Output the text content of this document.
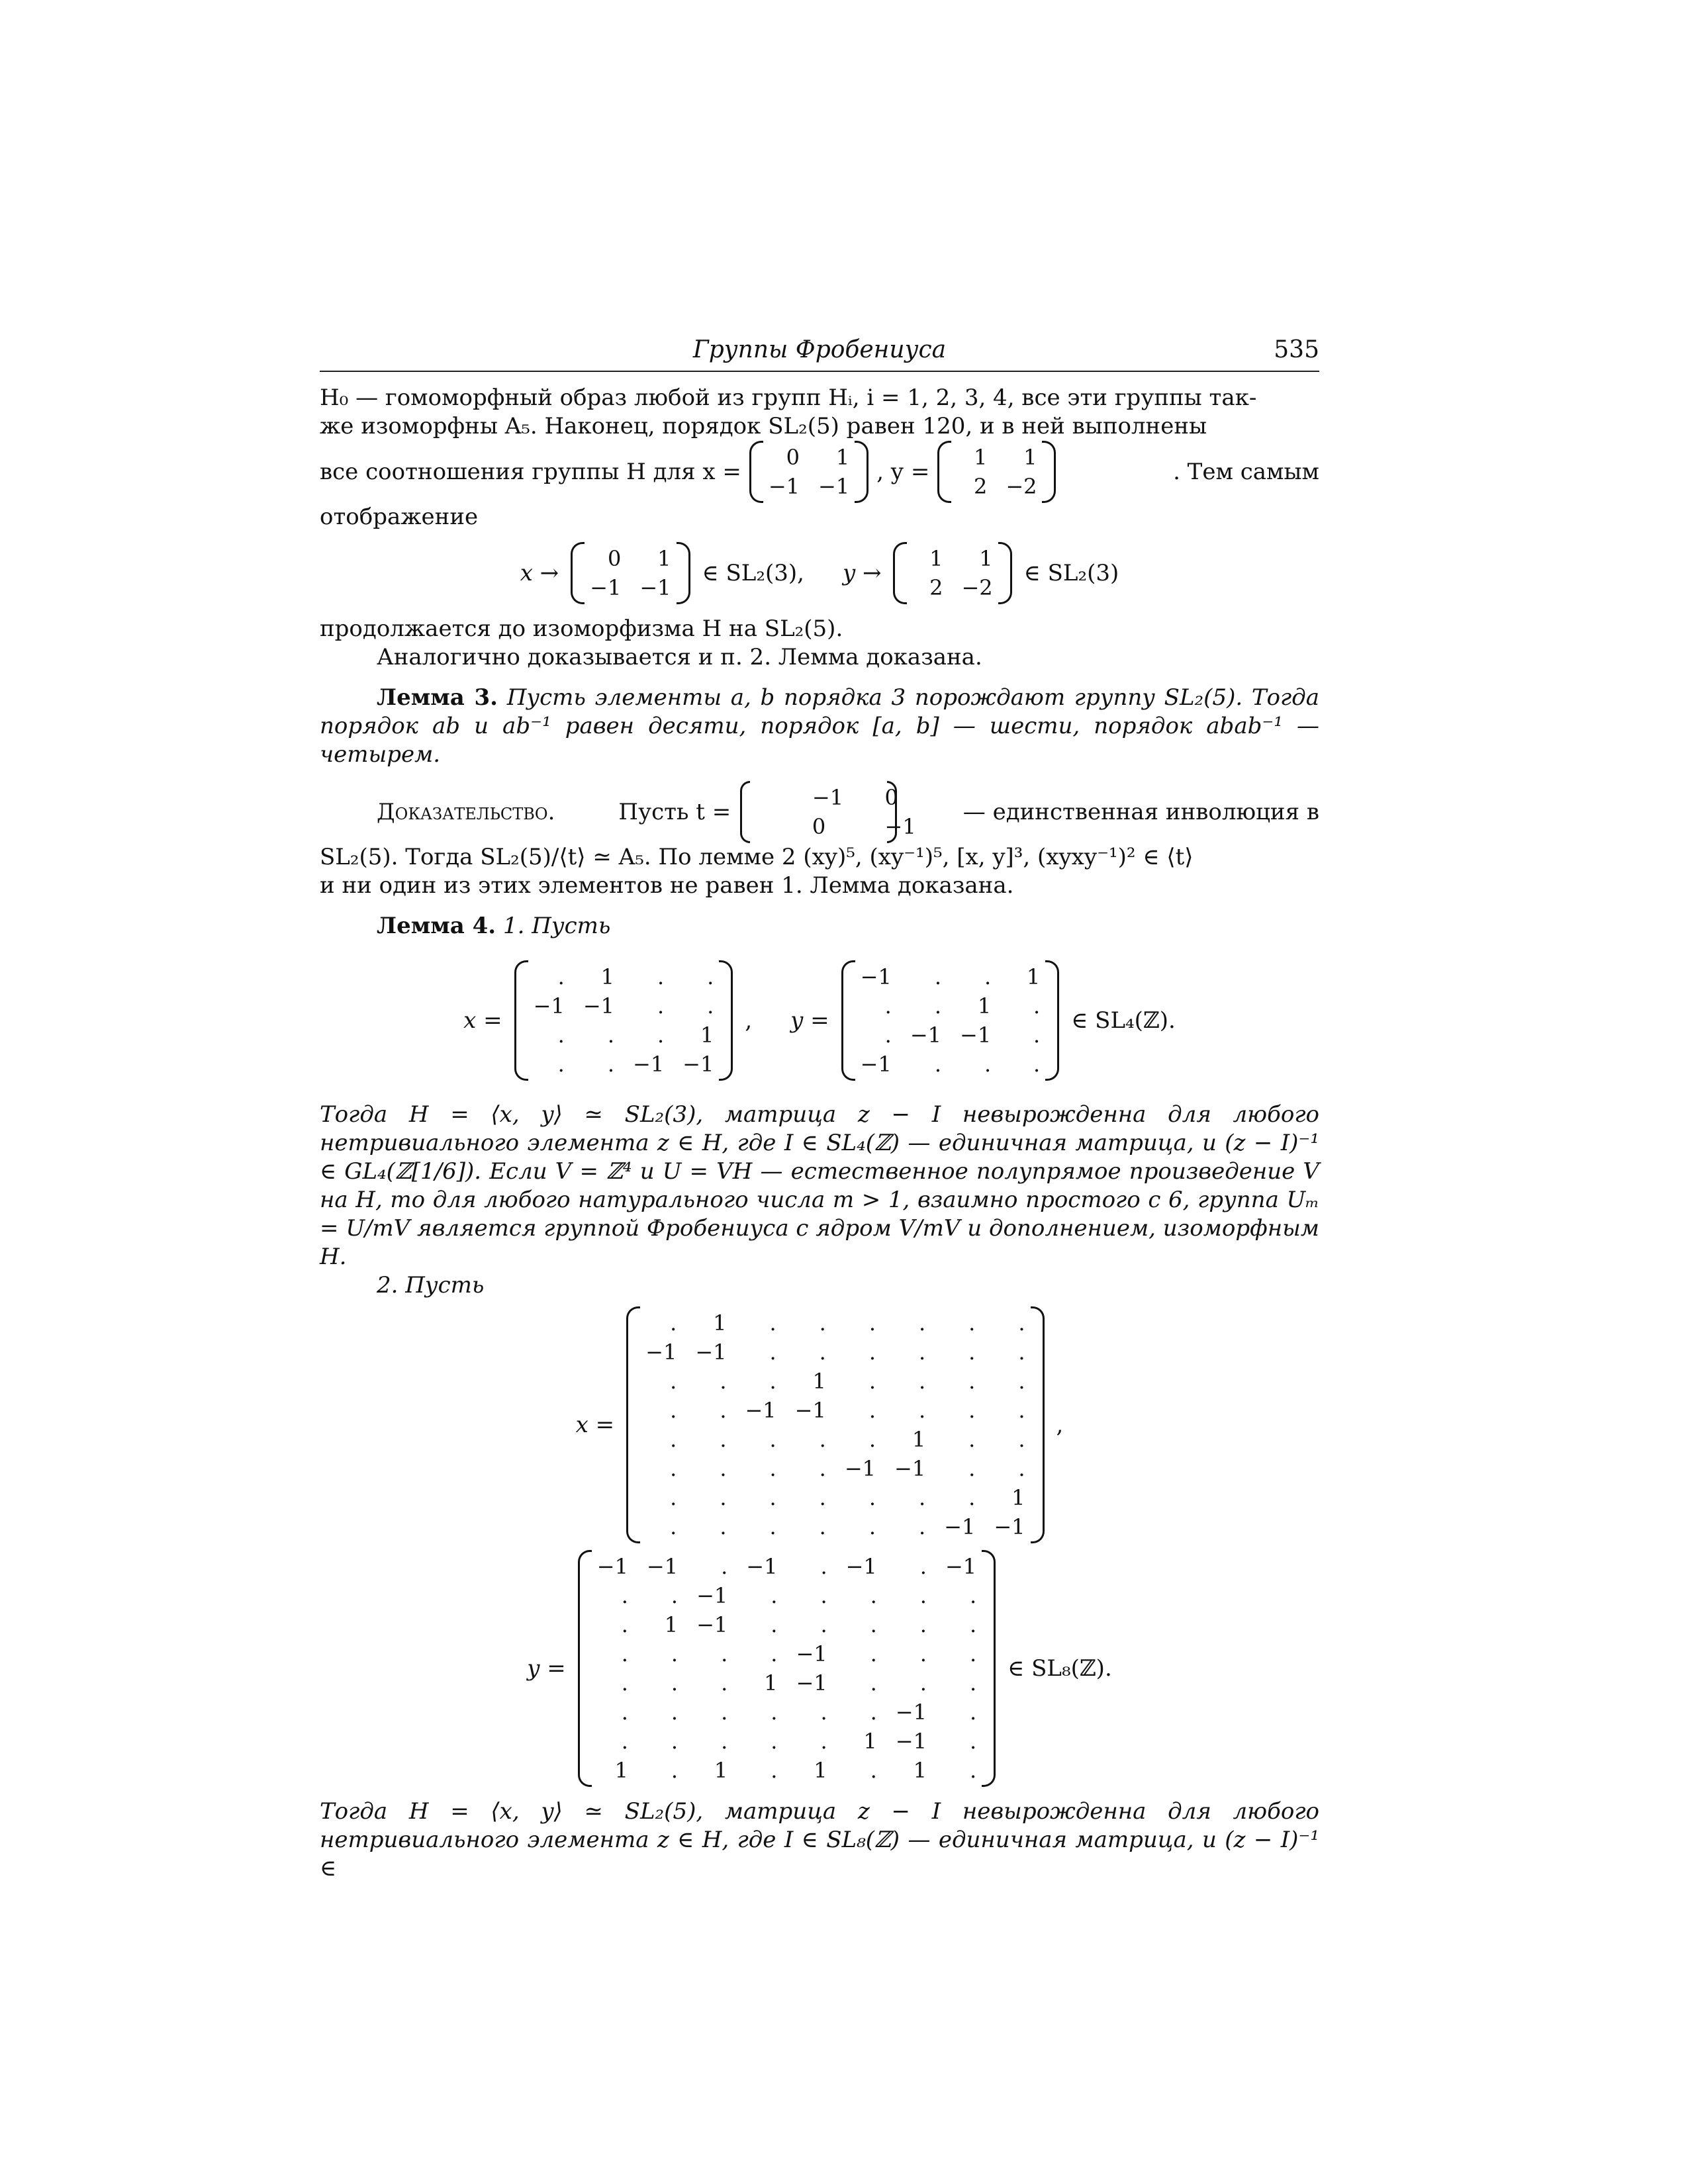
Группы Фробениуса	535

H₀ — гомоморфный образ любой из групп Hᵢ, i = 1, 2, 3, 4, все эти группы так-

же изоморфны A₅. Наконец, порядок SL₂(5) равен 120, и в ней выполнены

все соотношения группы H для x =
0	1
−1 −1
, y =
1	1
2 −2
. Тем самым

отображение

x →
0	1
−1 −1
∈ SL₂(3), y →
1	1
2 −2
∈ SL₂(3)

продолжается до изоморфизма H на SL₂(5).

Аналогично доказывается и п. 2. Лемма доказана.

Лемма 3. Пусть элементы a, b порядка 3 порождают группу SL₂(5). Тогда порядок ab и ab⁻¹ равен десяти, порядок [a, b] — шести, порядок abab⁻¹ — четырем.

Доказательство.	Пусть t =
−1	0
0	−1
— единственная инволюция в

SL₂(5). Тогда SL₂(5)/⟨t⟩ ≃ A₅. По лемме 2 (xy)⁵, (xy⁻¹)⁵, [x, y]³, (xyxy⁻¹)² ∈ ⟨t⟩

и ни один из этих элементов не равен 1. Лемма доказана.

Лемма 4. 1. Пусть

x =
.	1	.	.
−1 −1	.	.
.	.	.	1
.	. −1 −1
, y =
−1	.	.	1
.	.	1	.
. −1 −1	.
−1	.	.	.
∈ SL₄(ℤ).

Тогда H = ⟨x, y⟩ ≃ SL₂(3), матрица z − I невырожденна для любого нетривиального элемента z ∈ H, где I ∈ SL₄(ℤ) — единичная матрица, и (z − I)⁻¹ ∈ GL₄(ℤ[1/6]). Если V = ℤ⁴ и U = VH — естественное полупрямое произведение V на H, то для любого натурального числа m > 1, взаимно простого с 6, группа Uₘ = U/mV является группой Фробениуса с ядром V/mV и дополнением, изоморфным H.

2. Пусть

x =
.	1	.	.	.	.	.	.
−1 −1	.	.	.	.	.	.
.	.	.	1	.	.	.	.
.	. −1 −1	.	.	.	.
.	.	.	.	.	1	.	.
.	.	.	. −1 −1	.	.
.	.	.	.	.	.	.	1
.	.	.	.	.	. −1 −1
,
y =
−1 −1	. −1	. −1	. −1
.	. −1	.	.	.	.	.
.	1 −1	.	.	.	.	.
.	.	.	. −1	.	.	.
.	.	.	1 −1	.	.	.
.	.	.	.	.	. −1	.
.	.	.	.	.	1 −1	.
1	.	1	.	1	.	1	.
∈ SL₈(ℤ).

Тогда H = ⟨x, y⟩ ≃ SL₂(5), матрица z − I невырожденна для любого нетривиального элемента z ∈ H, где I ∈ SL₈(ℤ) — единичная матрица, и (z − I)⁻¹ ∈
